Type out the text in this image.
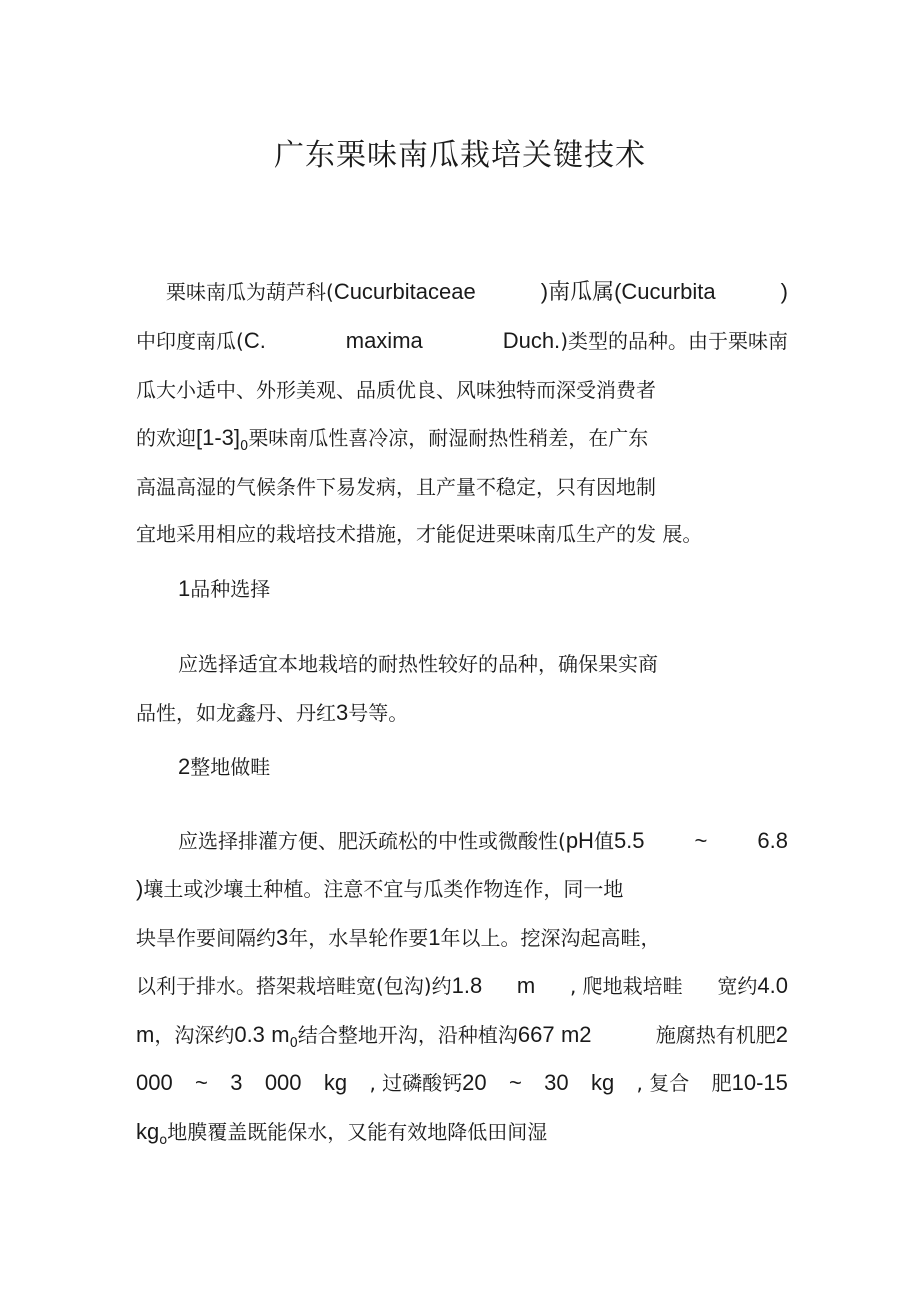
广东栗味南瓜栽培关键技术
栗味南瓜为葫芦科(Cucurbitaceae	)南瓜属(Cucurbita	)
中印度南瓜(C.	maxima	Duch.)类型的品种。由于栗味南
瓜大小适中、外形美观、品质优良、风味独特而深受消费者
的欢迎$[1-3]_0$栗味南瓜性喜冷凉，耐湿耐热性稍差，在广东
高温高湿的气候条件下易发病，且产量不稳定，只有因地制
宜地采用相应的栽培技术措施，才能促进栗味南瓜生产的发 展。
1品种选择
应选择适宜本地栽培的耐热性较好的品种，确保果实商
品性，如龙鑫丹、丹红3号等。
2整地做畦
应选择排灌方便、肥沃疏松的中性或微酸性(pH值5.5 ~ 6.8
)壤土或沙壤土种植。注意不宜与瓜类作物连作，同一地
块旱作要间隔约3年，水旱轮作要1年以上。挖深沟起高畦，
以利于排水。搭架栽培畦宽(包沟)约1.8 m , 爬地栽培畦 宽约4.0
m，沟深约0.3 $m_0$结合整地开沟，沿种植沟667 m2	施腐热有机肥2
000 ~ 3 000 kg , 过磷酸钙20 ~ 30 kg , 复合 肥10-15
$kg_o$地膜覆盖既能保水，又能有效地降低田间湿
